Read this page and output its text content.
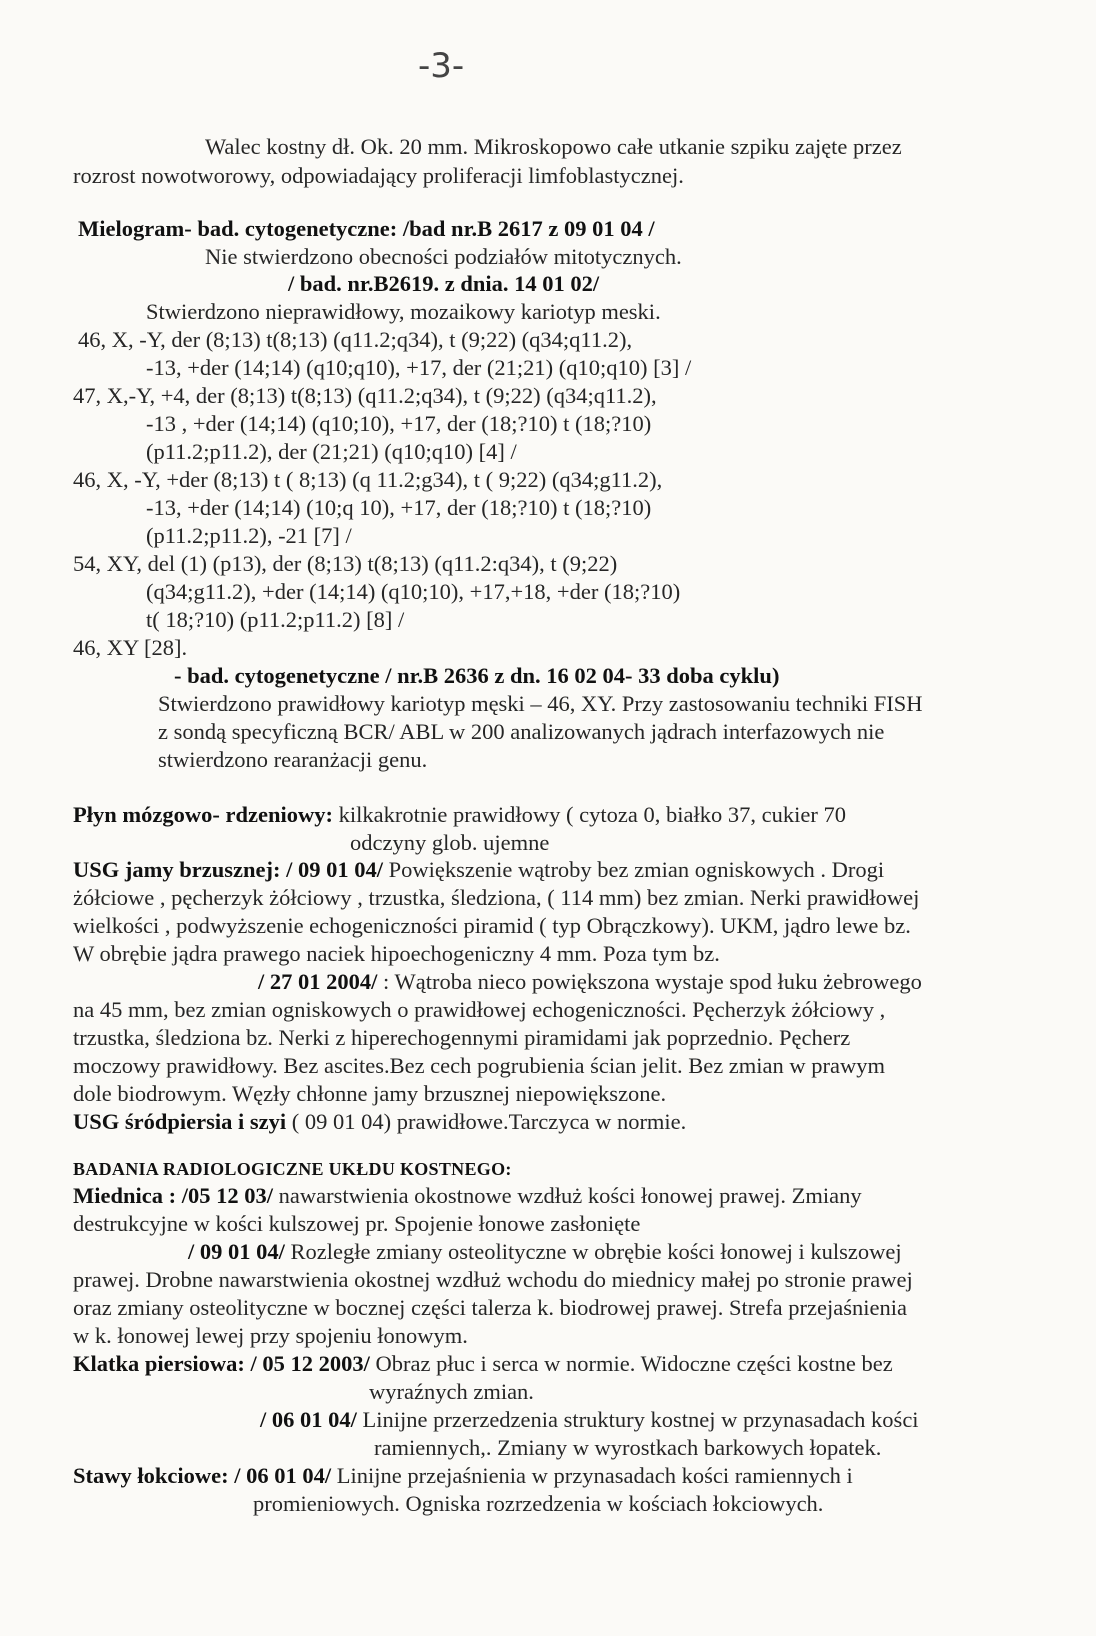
-3-
Walec kostny dł. Ok. 20 mm. Mikroskopowo całe utkanie szpiku zajęte przez
rozrost nowotworowy, odpowiadający proliferacji limfoblastycznej.
Mielogram- bad. cytogenetyczne: /bad nr.B 2617 z 09 01 04 /
Nie stwierdzono obecności podziałów mitotycznych.
/ bad. nr.B2619. z dnia. 14 01 02/
Stwierdzono nieprawidłowy, mozaikowy kariotyp meski.
46, X, -Y, der (8;13) t(8;13) (q11.2;q34), t (9;22) (q34;q11.2),
-13, +der (14;14) (q10;q10), +17, der (21;21) (q10;q10) [3] /
47, X,-Y, +4, der (8;13) t(8;13) (q11.2;q34), t (9;22) (q34;q11.2),
-13 , +der (14;14) (q10;10), +17, der (18;?10) t (18;?10)
(p11.2;p11.2), der (21;21) (q10;q10) [4] /
46, X, -Y, +der (8;13) t ( 8;13) (q 11.2;g34), t ( 9;22) (q34;g11.2),
-13, +der (14;14) (10;q 10), +17, der (18;?10) t (18;?10)
(p11.2;p11.2), -21 [7] /
54, XY, del (1) (p13), der (8;13) t(8;13) (q11.2:q34), t (9;22)
(q34;g11.2), +der (14;14) (q10;10), +17,+18, +der (18;?10)
t( 18;?10) (p11.2;p11.2) [8] /
46, XY [28].
- bad. cytogenetyczne / nr.B 2636 z dn. 16 02 04- 33 doba cyklu)
Stwierdzono prawidłowy kariotyp męski – 46, XY. Przy zastosowaniu techniki FISH
z sondą specyficzną BCR/ ABL w 200 analizowanych jądrach interfazowych nie
stwierdzono rearanżacji genu.
Płyn mózgowo- rdzeniowy: kilkakrotnie prawidłowy ( cytoza 0, białko 37, cukier 70
odczyny glob. ujemne
USG jamy brzusznej: / 09 01 04/ Powiększenie wątroby bez zmian ogniskowych . Drogi
żółciowe , pęcherzyk żółciowy , trzustka, śledziona, ( 114 mm) bez zmian. Nerki prawidłowej
wielkości , podwyższenie echogeniczności piramid ( typ Obrączkowy). UKM, jądro lewe bz.
W obrębie jądra prawego naciek hipoechogeniczny 4 mm. Poza tym bz.
/ 27 01 2004/ : Wątroba nieco powiększona wystaje spod łuku żebrowego
na 45 mm, bez zmian ogniskowych o prawidłowej echogeniczności. Pęcherzyk żółciowy ,
trzustka, śledziona bz. Nerki z hiperechogennymi piramidami jak poprzednio. Pęcherz
moczowy prawidłowy. Bez ascites.Bez cech pogrubienia ścian jelit. Bez zmian w prawym
dole biodrowym. Węzły chłonne jamy brzusznej niepowiększone.
USG śródpiersia i szyi ( 09 01 04) prawidłowe.Tarczyca w normie.
BADANIA RADIOLOGICZNE UKŁDU KOSTNEGO:
Miednica : /05 12 03/ nawarstwienia okostnowe wzdłuż kości łonowej prawej. Zmiany
destrukcyjne w kości kulszowej pr. Spojenie łonowe zasłonięte
/ 09 01 04/ Rozległe zmiany osteolityczne w obrębie kości łonowej i kulszowej
prawej. Drobne nawarstwienia okostnej wzdłuż wchodu do miednicy małej po stronie prawej
oraz zmiany osteolityczne w bocznej części talerza k. biodrowej prawej. Strefa przejaśnienia
w k. łonowej lewej przy spojeniu łonowym.
Klatka piersiowa: / 05 12 2003/ Obraz płuc i serca w normie. Widoczne części kostne bez
wyraźnych zmian.
/ 06 01 04/ Linijne przerzedzenia struktury kostnej w przynasadach kości
ramiennych,. Zmiany w wyrostkach barkowych łopatek.
Stawy łokciowe: / 06 01 04/ Linijne przejaśnienia w przynasadach kości ramiennych i
promieniowych. Ogniska rozrzedzenia w kościach łokciowych.
